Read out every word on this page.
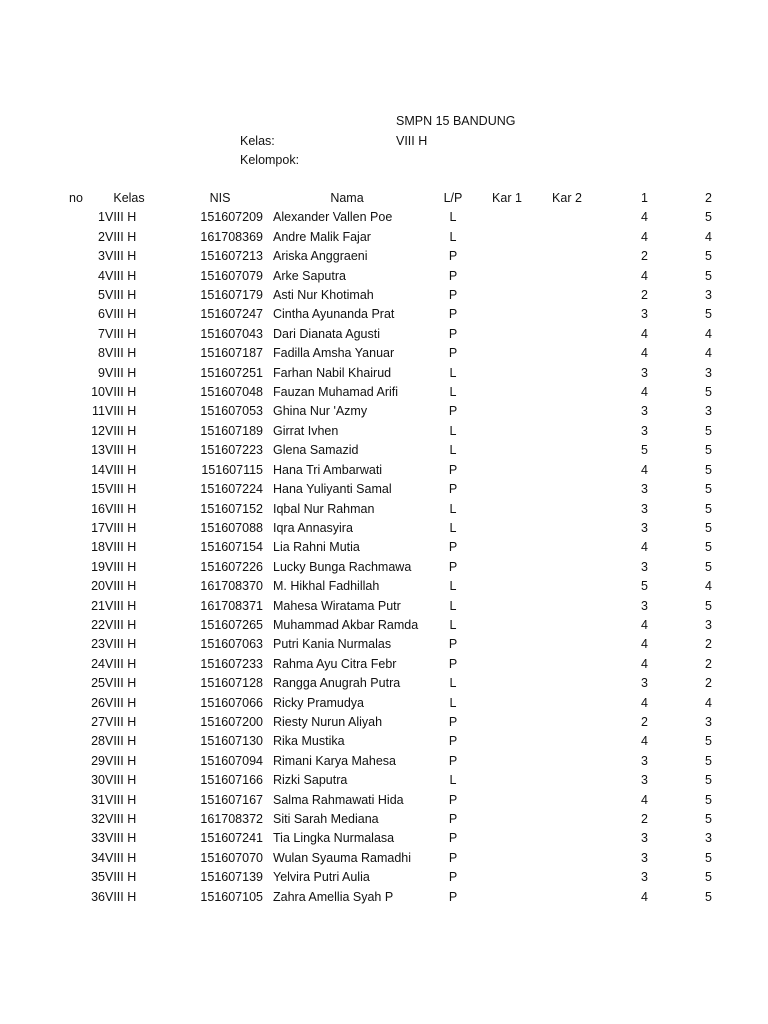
SMPN 15 BANDUNG
Kelas:	VIII H
Kelompok:
no	Kelas	NIS	Nama	L/P	Kar 1	Kar 2	1	2
1	VIII H	151607209	Alexander Vallen Poe	L			4	5
2	VIII H	161708369	Andre Malik Fajar	L			4	4
3	VIII H	151607213	Ariska Anggraeni	P			2	5
4	VIII H	151607079	Arke Saputra	P			4	5
5	VIII H	151607179	Asti Nur Khotimah	P			2	3
6	VIII H	151607247	Cintha Ayunanda Prat	P			3	5
7	VIII H	151607043	Dari Dianata Agusti	P			4	4
8	VIII H	151607187	Fadilla Amsha Yanuar	P			4	4
9	VIII H	151607251	Farhan Nabil Khairud	L			3	3
10	VIII H	151607048	Fauzan Muhamad Arifi	L			4	5
11	VIII H	151607053	Ghina Nur 'Azmy	P			3	3
12	VIII H	151607189	Girrat Ivhen	L			3	5
13	VIII H	151607223	Glena Samazid	L			5	5
14	VIII H	151607115	Hana Tri Ambarwati	P			4	5
15	VIII H	151607224	Hana Yuliyanti Samal	P			3	5
16	VIII H	151607152	Iqbal Nur Rahman	L			3	5
17	VIII H	151607088	Iqra Annasyira	L			3	5
18	VIII H	151607154	Lia Rahni Mutia	P			4	5
19	VIII H	151607226	Lucky Bunga Rachmawa	P			3	5
20	VIII H	161708370	M. Hikhal Fadhillah	L			5	4
21	VIII H	161708371	Mahesa Wiratama Putr	L			3	5
22	VIII H	151607265	Muhammad Akbar Ramda	L			4	3
23	VIII H	151607063	Putri Kania Nurmalas	P			4	2
24	VIII H	151607233	Rahma Ayu Citra Febr	P			4	2
25	VIII H	151607128	Rangga Anugrah Putra	L			3	2
26	VIII H	151607066	Ricky Pramudya	L			4	4
27	VIII H	151607200	Riesty Nurun Aliyah	P			2	3
28	VIII H	151607130	Rika Mustika	P			4	5
29	VIII H	151607094	Rimani Karya Mahesa	P			3	5
30	VIII H	151607166	Rizki Saputra	L			3	5
31	VIII H	151607167	Salma Rahmawati Hida	P			4	5
32	VIII H	161708372	Siti Sarah Mediana	P			2	5
33	VIII H	151607241	Tia Lingka Nurmalasa	P			3	3
34	VIII H	151607070	Wulan Syauma Ramadhi	P			3	5
35	VIII H	151607139	Yelvira Putri Aulia	P			3	5
36	VIII H	151607105	Zahra Amellia Syah P	P			4	5
